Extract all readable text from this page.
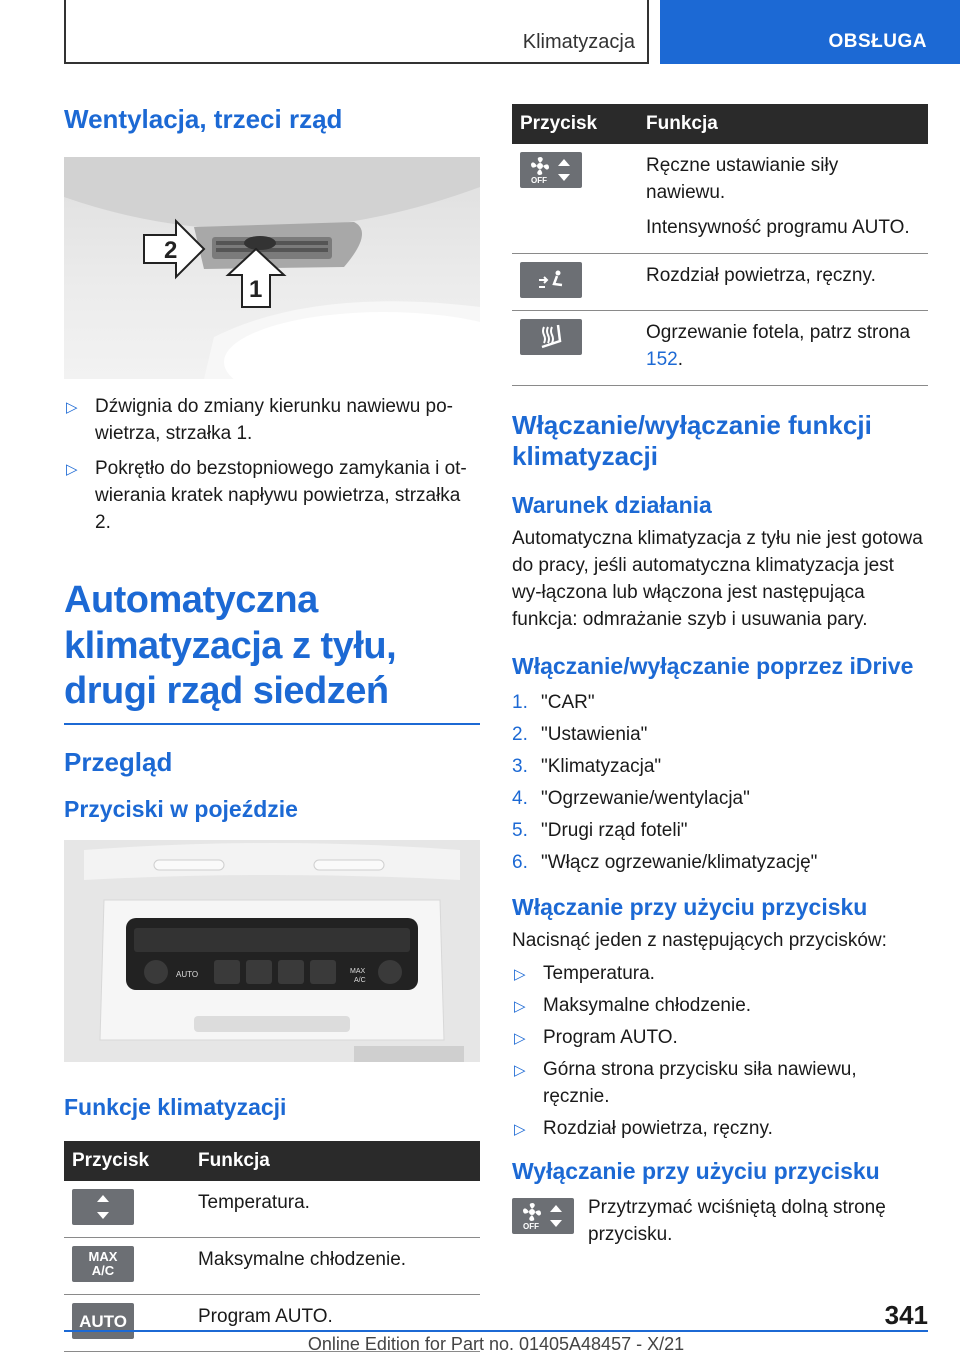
Klimatyzacja	OBSŁUGA
Wentylacja, trzeci rząd
2
1
▷ Dźwignia do zmiany kierunku nawiewu po-wietrza, strzałka 1.
▷ Pokrętło do bezstopniowego zamykania i ot-wierania kratek napływu powietrza, strzałka 2.
Automatyczna klimatyzacja z tyłu, drugi rząd siedzeń
Przegląd
Przyciski w pojeździe
AUTO	MAX
A/C
Funkcje klimatyzacji
Przycisk	Funkcja

	Temperatura.

MAX
A/C	Maksymalne chłodzenie.

AUTO	Program AUTO.
Przycisk	Funkcja

OFF	Ręczne ustawianie siły nawiewu.
Intensywność programu AUTO.

	Rozdział powietrza, ręczny.

	Ogrzewanie fotela, patrz strona 152.
Włączanie/wyłączanie funkcji klimatyzacji
Warunek działania

Automatyczna klimatyzacja z tyłu nie jest gotowa do pracy, jeśli automatyczna klimatyzacja jest wy-łączona lub włączona jest następująca funkcja: odmrażanie szyb i usuwania pary.

Włączanie/wyłączanie poprzez iDrive
1. "CAR"
2. "Ustawienia"
3. "Klimatyzacja"
4. "Ogrzewanie/wentylacja"
5. "Drugi rząd foteli"
6. "Włącz ogrzewanie/klimatyzację"
Włączanie przy użyciu przycisku

Nacisnąć jeden z następujących przycisków:

▷ Temperatura.
▷ Maksymalne chłodzenie.
▷ Program AUTO.
▷ Górna strona przycisku siła nawiewu, ręcznie.
▷ Rozdział powietrza, ręczny.
Wyłączanie przy użyciu przycisku
OFF

Przytrzymać wciśniętą dolną stronę przycisku.

341
Online Edition for Part no. 01405A48457 - X/21
